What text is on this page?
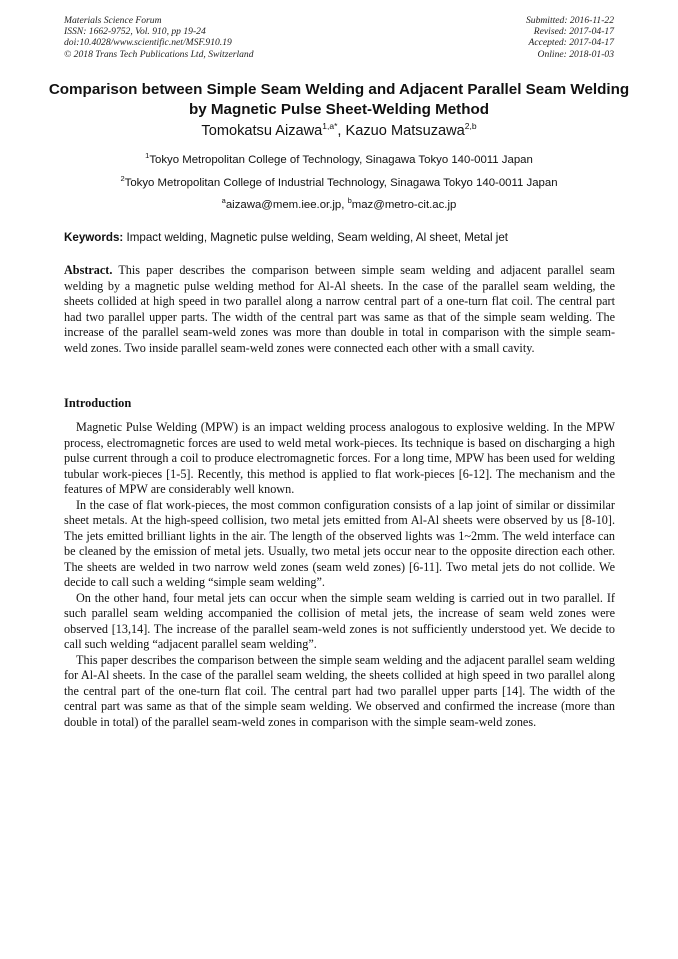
Materials Science Forum
ISSN: 1662-9752, Vol. 910, pp 19-24
doi:10.4028/www.scientific.net/MSF.910.19
© 2018 Trans Tech Publications Ltd, Switzerland
Submitted: 2016-11-22
Revised: 2017-04-17
Accepted: 2017-04-17
Online: 2018-01-03
Comparison between Simple Seam Welding and Adjacent Parallel Seam Welding by Magnetic Pulse Sheet-Welding Method
Tomokatsu Aizawa$^{1,a*}$, Kazuo Matsuzawa$^{2,b}$
$^1$Tokyo Metropolitan College of Technology, Sinagawa Tokyo 140-0011 Japan
$^2$Tokyo Metropolitan College of Industrial Technology, Sinagawa Tokyo 140-0011 Japan
$^a$aizawa@mem.iee.or.jp, $^b$maz@metro-cit.ac.jp
Keywords: Impact welding, Magnetic pulse welding, Seam welding, Al sheet, Metal jet

Abstract. This paper describes the comparison between simple seam welding and adjacent parallel seam welding by a magnetic pulse welding method for Al-Al sheets. In the case of the parallel seam welding, the sheets collided at high speed in two parallel along a narrow central part of a one-turn flat coil. The central part had two parallel upper parts. The width of the central part was same as that of the simple seam welding. The increase of the parallel seam-weld zones was more than double in total in comparison with the simple seam-weld zones. Two inside parallel seam-weld zones were connected each other with a small cavity.

Introduction

Magnetic Pulse Welding (MPW) is an impact welding process analogous to explosive welding. In the MPW process, electromagnetic forces are used to weld metal work-pieces. Its technique is based on discharging a high pulse current through a coil to produce electromagnetic forces. For a long time, MPW has been used for welding tubular work-pieces [1-5]. Recently, this method is applied to flat work-pieces [6-12]. The mechanism and the features of MPW are considerably well known.

In the case of flat work-pieces, the most common configuration consists of a lap joint of similar or dissimilar sheet metals. At the high-speed collision, two metal jets emitted from Al-Al sheets were observed by us [8-10]. The jets emitted brilliant lights in the air. The length of the observed lights was 1~2mm. The weld interface can be cleaned by the emission of metal jets. Usually, two metal jets occur near to the opposite direction each other. The sheets are welded in two narrow weld zones (seam weld zones) [6-11]. Two metal jets do not collide. We decide to call such a welding “simple seam welding”.

On the other hand, four metal jets can occur when the simple seam welding is carried out in two parallel. If such parallel seam welding accompanied the collision of metal jets, the increase of seam weld zones were observed [13,14]. The increase of the parallel seam-weld zones is not sufficiently understood yet. We decide to call such welding “adjacent parallel seam welding”.

This paper describes the comparison between the simple seam welding and the adjacent parallel seam welding for Al-Al sheets. In the case of the parallel seam welding, the sheets collided at high speed in two parallel along the central part of the one-turn flat coil. The central part had two parallel upper parts [14]. The width of the central part was same as that of the simple seam welding. We observed and confirmed the increase (more than double in total) of the parallel seam-weld zones in comparison with the simple seam-weld zones.
